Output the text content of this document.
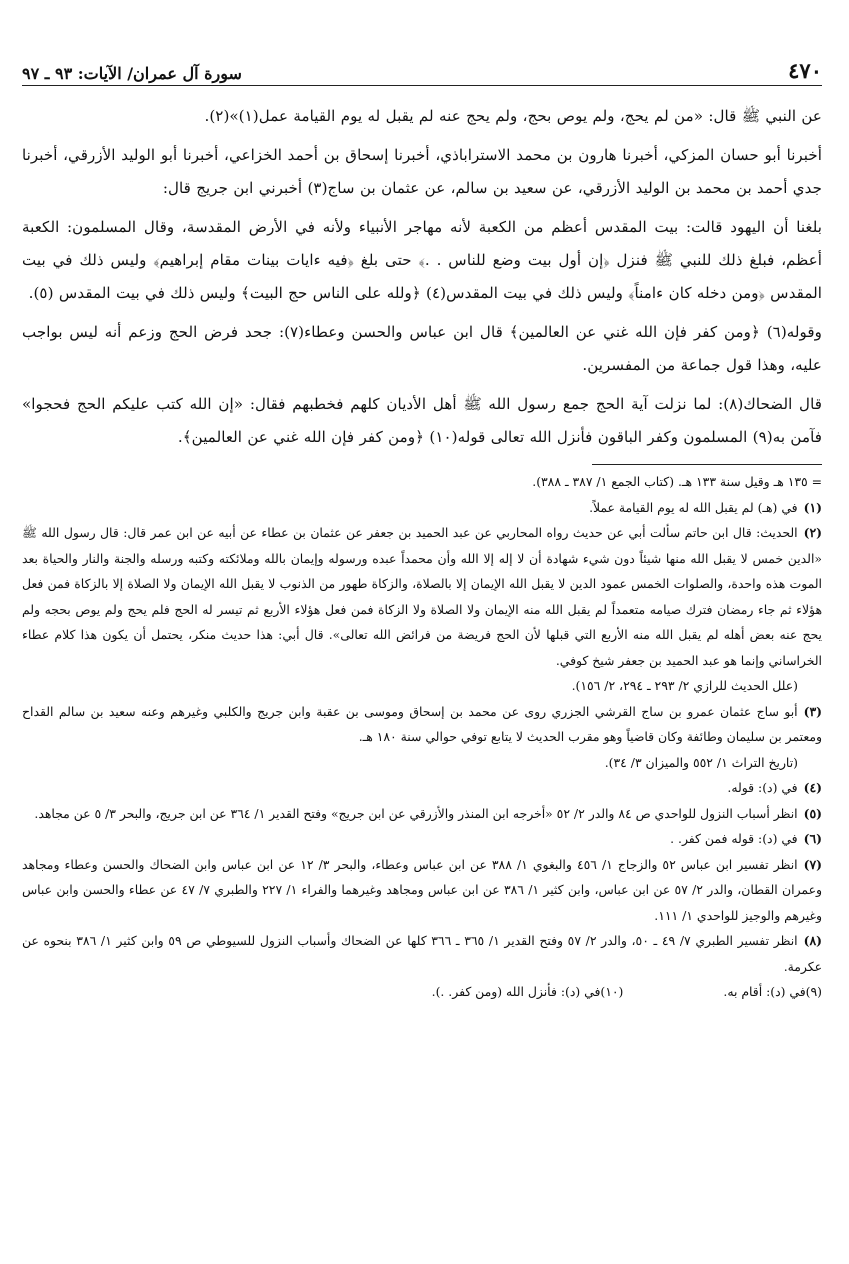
٤٧٠
سورة آل عمران/ الآيات: ٩٣ ـ ٩٧

عن النبي ﷺ قال: «من لم يحج، ولم يوص بحج، ولم يحج عنه لم يقبل له يوم القيامة عمل(١)»(٢).

أخبرنا أبو حسان المزكي، أخبرنا هارون بن محمد الاستراباذي، أخبرنا إسحاق بن أحمد الخزاعي، أخبرنا أبو الوليد الأزرقي، أخبرنا جدي أحمد بن محمد بن الوليد الأزرقي، عن سعيد بن سالم، عن عثمان بن ساج(٣) أخبرني ابن جريج قال:

بلغنا أن اليهود قالت: بيت المقدس أعظم من الكعبة لأنه مهاجر الأنبياء ولأنه في الأرض المقدسة، وقال المسلمون: الكعبة أعظم، فبلغ ذلك للنبي ﷺ فنزل ﴿إن أول بيت وضع للناس . .﴾ حتى بلغ ﴿فيه ءايات بينات مقام إبراهيم﴾ وليس ذلك في بيت المقدس ﴿ومن دخله كان ءامناً﴾ وليس ذلك في بيت المقدس(٤) ﴿ولله على الناس حج البيت﴾ وليس ذلك في بيت المقدس (٥).

وقوله(٦) ﴿ومن كفر فإن الله غني عن العالمين﴾ قال ابن عباس والحسن وعطاء(٧): جحد فرض الحج وزعم أنه ليس بواجب عليه، وهذا قول جماعة من المفسرين.

قال الضحاك(٨): لما نزلت آية الحج جمع رسول الله ﷺ أهل الأديان كلهم فخطبهم فقال: «إن الله كتب عليكم الحج فحجوا» فآمن به(٩) المسلمون وكفر الباقون فأنزل الله تعالى قوله(١٠) ﴿ومن كفر فإن الله غني عن العالمين﴾.

= ١٣٥ هـ وقيل سنة ١٣٣ هـ. (كتاب الجمع ١/ ٣٨٧ ـ ٣٨٨).

(١)في (هـ) لم يقبل الله له يوم القيامة عملاً.

(٢)الحديث: قال ابن حاتم سألت أبي عن حديث رواه المحاربي عن عبد الحميد بن جعفر عن عثمان بن عطاء عن أبيه عن ابن عمر قال: قال رسول الله ﷺ «الدين خمس لا يقبل الله منها شيئاً دون شيء شهادة أن لا إله إلا الله وأن محمداً عبده ورسوله وإيمان بالله وملائكته وكتبه ورسله والجنة والنار والحياة بعد الموت هذه واحدة، والصلوات الخمس عمود الدين لا يقبل الله الإيمان إلا بالصلاة، والزكاة طهور من الذنوب لا يقبل الله الإيمان ولا الصلاة إلا بالزكاة فمن فعل هؤلاء ثم جاء رمضان فترك صيامه متعمداً لم يقبل الله منه الإيمان ولا الصلاة ولا الزكاة فمن فعل هؤلاء الأربع ثم تيسر له الحج فلم يحج ولم يوص بحجه ولم يحج عنه بعض أهله لم يقبل الله منه الأربع التي قبلها لأن الحج فريضة من فرائض الله تعالى». قال أبي: هذا حديث منكر، يحتمل أن يكون هذا كلام عطاء الخراساني وإنما هو عبد الحميد بن جعفر شيخ كوفي.

(علل الحديث للرازي ٢/ ٢٩٣ ـ ٢٩٤، ٢/ ١٥٦).

(٣)أبو ساج عثمان عمرو بن ساج القرشي الجزري روى عن محمد بن إسحاق وموسى بن عقبة وابن جريج والكلبي وغيرهم وعنه سعيد بن سالم القداح ومعتمر بن سليمان وطائفة وكان قاضياً وهو مقرب الحديث لا يتابع توفي حوالي سنة ١٨٠ هـ.

(تاريخ التراث ١/ ٥٥٢ والميزان ٣/ ٣٤).

(٤)في (د): قوله.

(٥)انظر أسباب النزول للواحدي ص ٨٤ والدر ٢/ ٥٢ «أخرجه ابن المنذر والأزرقي عن ابن جريج» وفتح القدير ١/ ٣٦٤ عن ابن جريج، والبحر ٣/ ٥ عن مجاهد.

(٦)في (د): قوله فمن كفر. .

(٧)انظر تفسير ابن عباس ٥٢ والزجاج ١/ ٤٥٦ والبغوي ١/ ٣٨٨ عن ابن عباس وعطاء، والبحر ٣/ ١٢ عن ابن عباس وابن الضحاك والحسن وعطاء ومجاهد وعمران القطان، والدر ٢/ ٥٧ عن ابن عباس، وابن كثير ١/ ٣٨٦ عن ابن عباس ومجاهد وغيرهما والفراء ١/ ٢٢٧ والطبري ٧/ ٤٧ عن عطاء والحسن وابن عباس وغيرهم والوجيز للواحدي ١/ ١١١.

(٨)انظر تفسير الطبري ٧/ ٤٩ ـ ٥٠، والدر ٢/ ٥٧ وفتح القدير ١/ ٣٦٥ ـ ٣٦٦ كلها عن الضحاك وأسباب النزول للسيوطي ص ٥٩ وابن كثير ١/ ٣٨٦ بنحوه عن عكرمة.

(٩)في (د): أقام به.
(١٠)في (د): فأنزل الله (ومن كفر. .).
